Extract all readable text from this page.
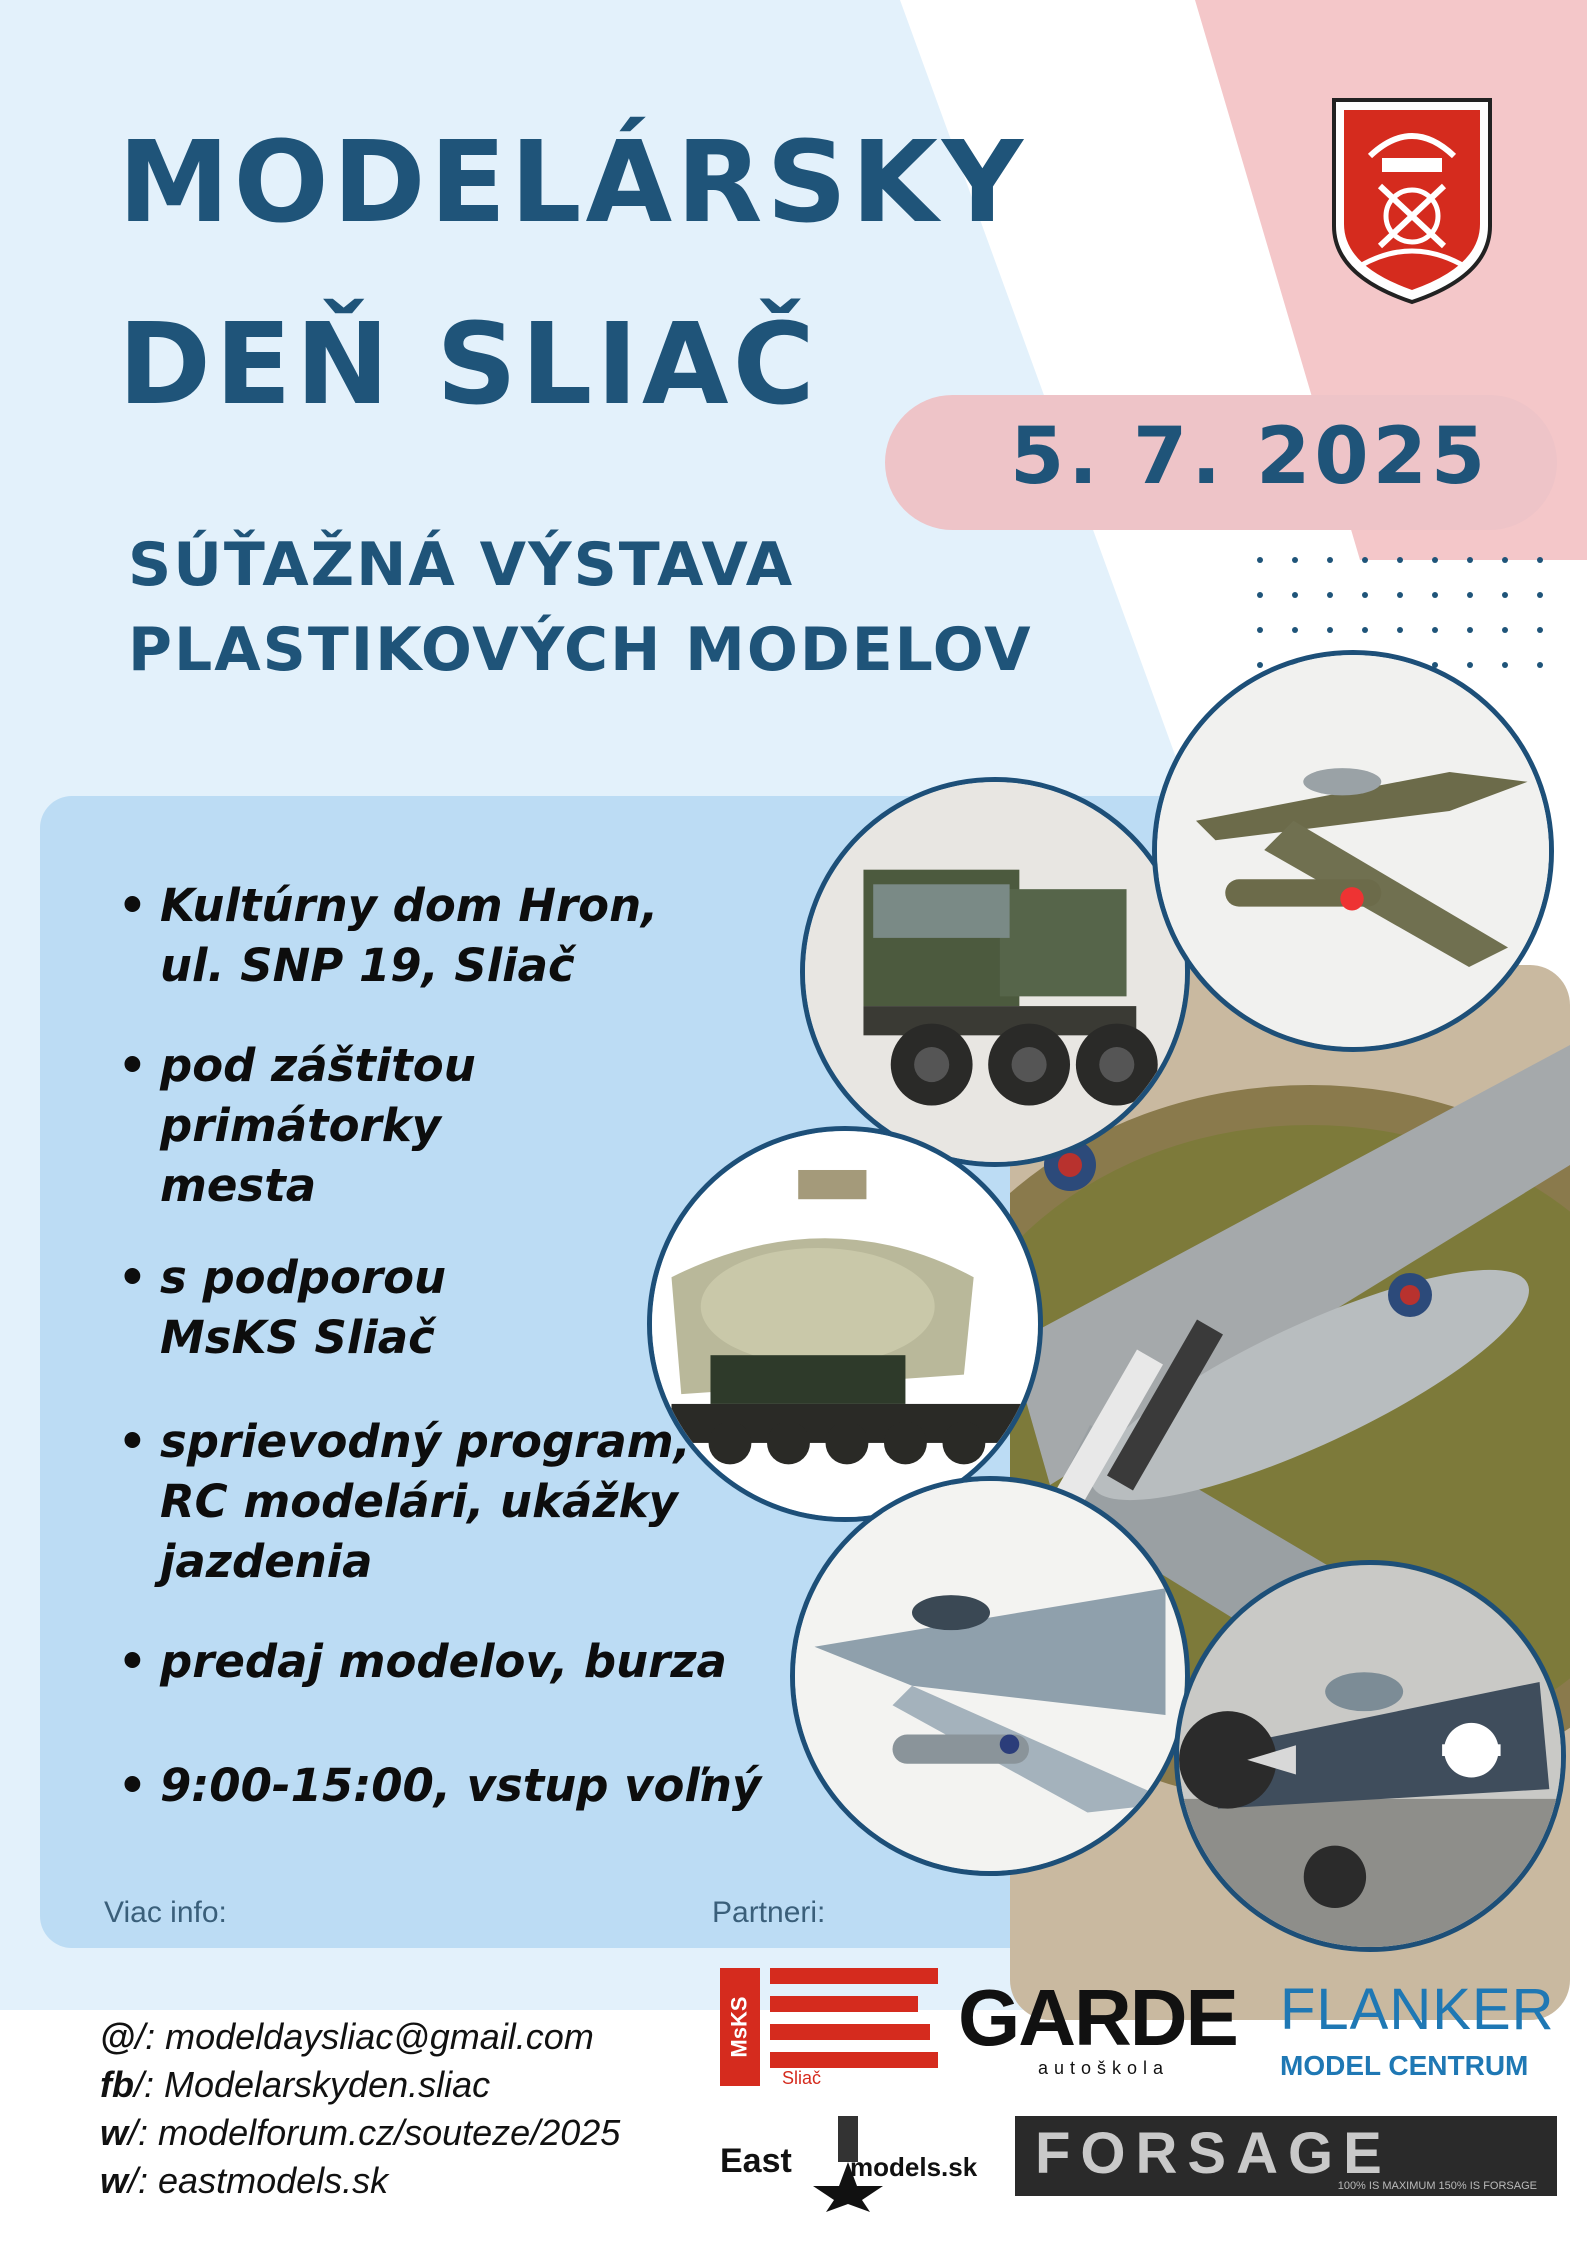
MODELÁRSKY
DEŇ SLIAČ
5. 7. 2025
SÚŤAŽNÁ VÝSTAVA
PLASTIKOVÝCH MODELOV
• Kultúrny dom Hron,
ul. SNP 19, Sliač
• pod záštitou
primátorky
mesta
• s podporou
MsKS Sliač
• sprievodný program,
RC modelári, ukážky
jazdenia
• predaj modelov, burza
• 9:00-15:00, vstup voľný
Viac info:	Partneri:
@/: modeldaysliac@gmail.com
fb/: Modelarskyden.sliac
w/: modelforum.cz/souteze/2025
w/: eastmodels.sk
MsKS
Sliač
GARDE
autoškola
FLANKER
MODEL CENTRUM
East models.sk FORSAGE
100% IS MAXIMUM 150% IS FORSAGE
